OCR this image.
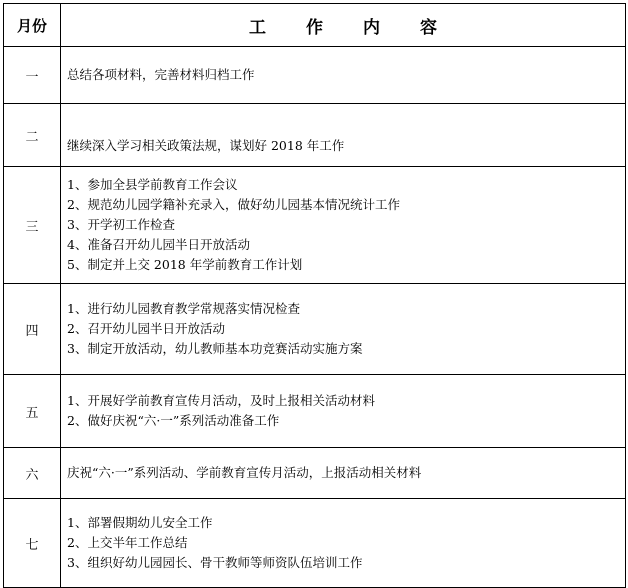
月份	工作内容
一	总结各项材料，完善材料归档工作

二	继续深入学习相关政策法规，谋划好 2018 年工作

三	1、参加全县学前教育工作会议
2、规范幼儿园学籍补充录入，做好幼儿园基本情况统计工作
3、开学初工作检查
4、准备召开幼儿园半日开放活动
5、制定并上交 2018 年学前教育工作计划

四	1、进行幼儿园教育教学常规落实情况检查
2、召开幼儿园半日开放活动
3、制定开放活动，幼儿教师基本功竞赛活动实施方案

五	1、开展好学前教育宣传月活动，及时上报相关活动材料
2、做好庆祝“六·一”系列活动准备工作

六	庆祝“六·一”系列活动、学前教育宣传月活动，上报活动相关材料

七	1、部署假期幼儿安全工作
2、上交半年工作总结
3、组织好幼儿园园长、骨干教师等师资队伍培训工作
